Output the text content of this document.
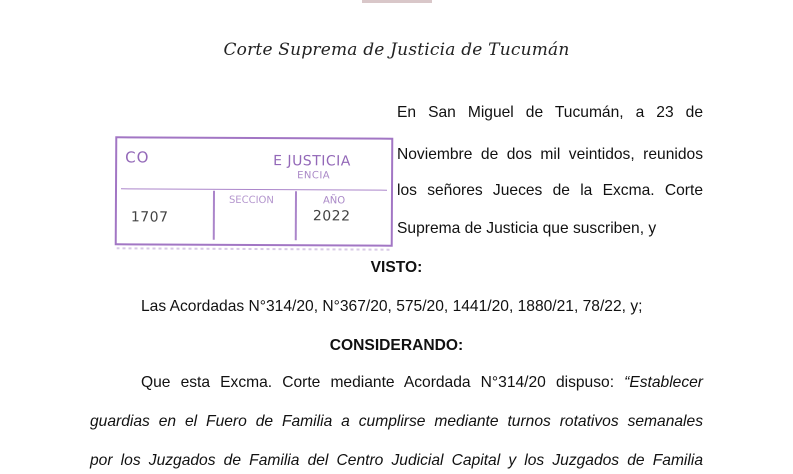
Corte Suprema de Justicia de Tucumán
En San Miguel de Tucumán, a 23 de
Noviembre de dos mil veintidos, reunidos
los señores Jueces de la Excma. Corte
Suprema de Justicia que suscriben, y
CO	E JUSTICIA
ENCIA
SECCION	AÑO
1707	2022
VISTO:
Las Acordadas N°314/20, N°367/20, 575/20, 1441/20, 1880/21, 78/22, y;
CONSIDERANDO:
Que esta Excma. Corte mediante Acordada N°314/20 dispuso: “Establecer
guardias en el Fuero de Familia a cumplirse mediante turnos rotativos semanales
por los Juzgados de Familia del Centro Judicial Capital y los Juzgados de Familia
